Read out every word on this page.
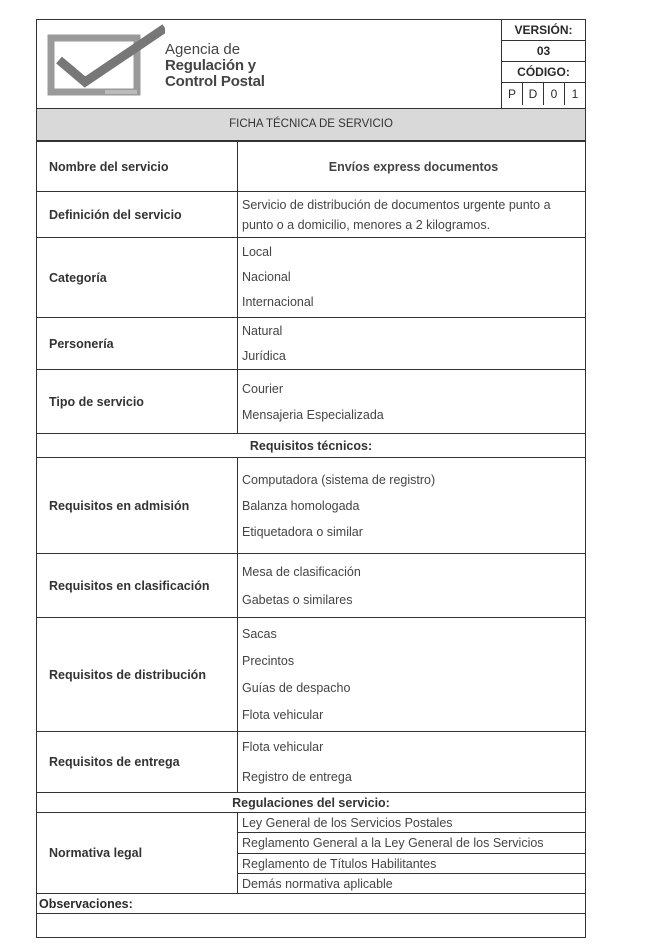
Agencia de
Regulación y
Control Postal
VERSIÓN:
03
CÓDIGO:
P	D	0	1
FICHA TÉCNICA DE SERVICIO
Nombre del servicio	Envíos express documentos
Definición del servicio	Servicio de distribución de documentos urgente punto a punto o a domicilio, menores a 2 kilogramos.
Categoría	Local
Nacional
Internacional

Personería	Natural
Jurídica

Tipo de servicio	Courier
Mensajeria Especializada

Requisitos técnicos:	
Requisitos en admisión	Computadora (sistema de registro)
Balanza homologada
Etiquetadora o similar

Requisitos en clasificación	Mesa de clasificación
Gabetas o similares

Requisitos de distribución	Sacas
Precintos
Guías de despacho
Flota vehicular

Requisitos de entrega	Flota vehicular
Registro de entrega

Regulaciones del servicio:	
Normativa legal	Ley General de los Servicios Postales
	Reglamento General a la Ley General de los Servicios
	Reglamento de Títulos Habilitantes
	Demás normativa aplicable
Observaciones:	
